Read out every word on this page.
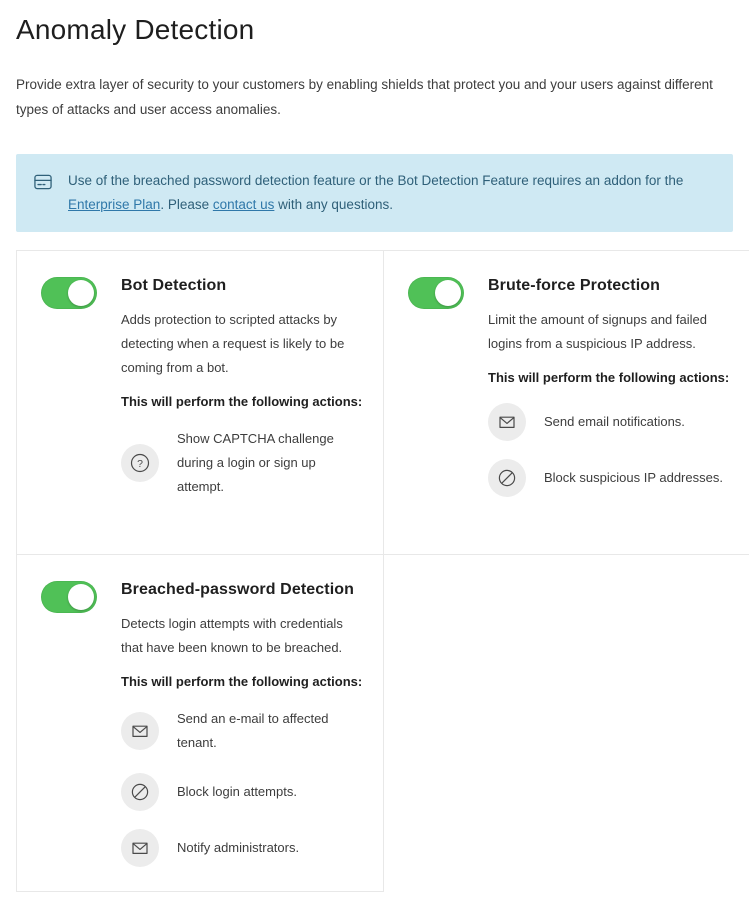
Anomaly Detection

Provide extra layer of security to your customers by enabling shields that protect you and your users against different types of attacks and user access anomalies.

Use of the breached password detection feature or the Bot Detection Feature requires an addon for the Enterprise Plan. Please contact us with any questions.
Bot Detection
Adds protection to scripted attacks by detecting when a request is likely to be coming from a bot.
This will perform the following actions:
?
Show CAPTCHA challenge during a login or sign up attempt.
Brute-force Protection
Limit the amount of signups and failed logins from a suspicious IP address.
This will perform the following actions:
Send email notifications.
Block suspicious IP addresses.
Breached-password Detection
Detects login attempts with credentials that have been known to be breached.
This will perform the following actions:
Send an e-mail to affected tenant.
Block login attempts.
Notify administrators.
